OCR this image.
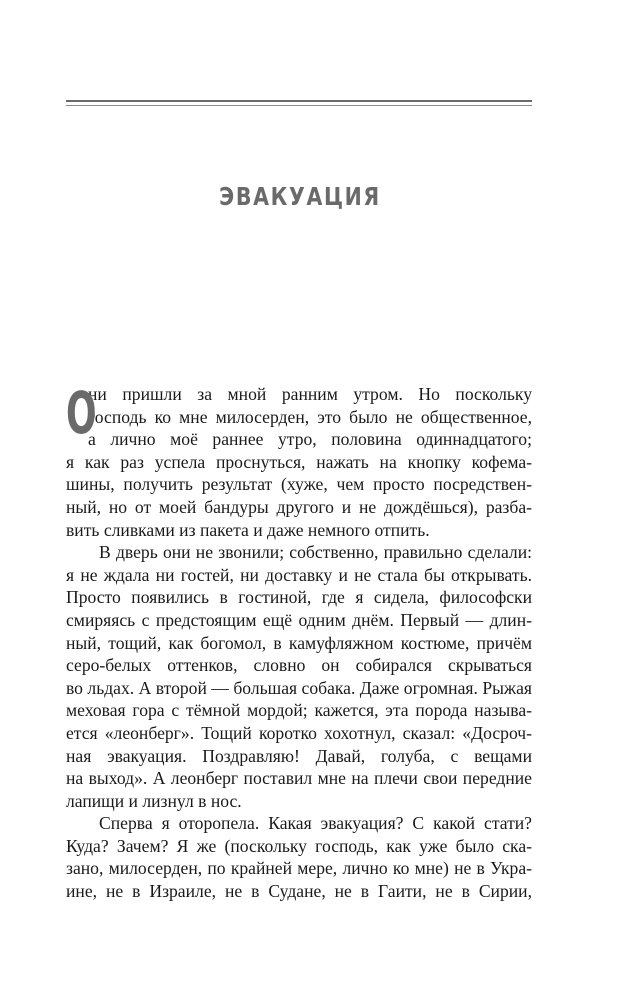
ЭВАКУАЦИЯ
О
ни пришли за мной ранним утром. Но поскольку
господь ко мне милосерден, это было не общественное,
а лично моё раннее утро, половина одиннадцатого;
я как раз успела проснуться, нажать на кнопку кофема-
шины, получить результат (хуже, чем просто посредствен-
ный, но от моей бандуры другого и не дождёшься), разба-
вить сливками из пакета и даже немного отпить.
В дверь они не звонили; собственно, правильно сделали:
я не ждала ни гостей, ни доставку и не стала бы открывать.
Просто появились в гостиной, где я сидела, философски
смиряясь с предстоящим ещё одним днём. Первый — длин-
ный, тощий, как богомол, в камуфляжном костюме, причём
серо-белых оттенков, словно он собирался скрываться
во льдах. А второй — большая собака. Даже огромная. Рыжая
меховая гора с тёмной мордой; кажется, эта порода называ-
ется «леонберг». Тощий коротко хохотнул, сказал: «Досроч-
ная эвакуация. Поздравляю! Давай, голуба, с вещами
на выход». А леонберг поставил мне на плечи свои передние
лапищи и лизнул в нос.
Сперва я оторопела. Какая эвакуация? С какой стати?
Куда? Зачем? Я же (поскольку господь, как уже было ска-
зано, милосерден, по крайней мере, лично ко мне) не в Укра-
ине, не в Израиле, не в Судане, не в Гаити, не в Сирии,
